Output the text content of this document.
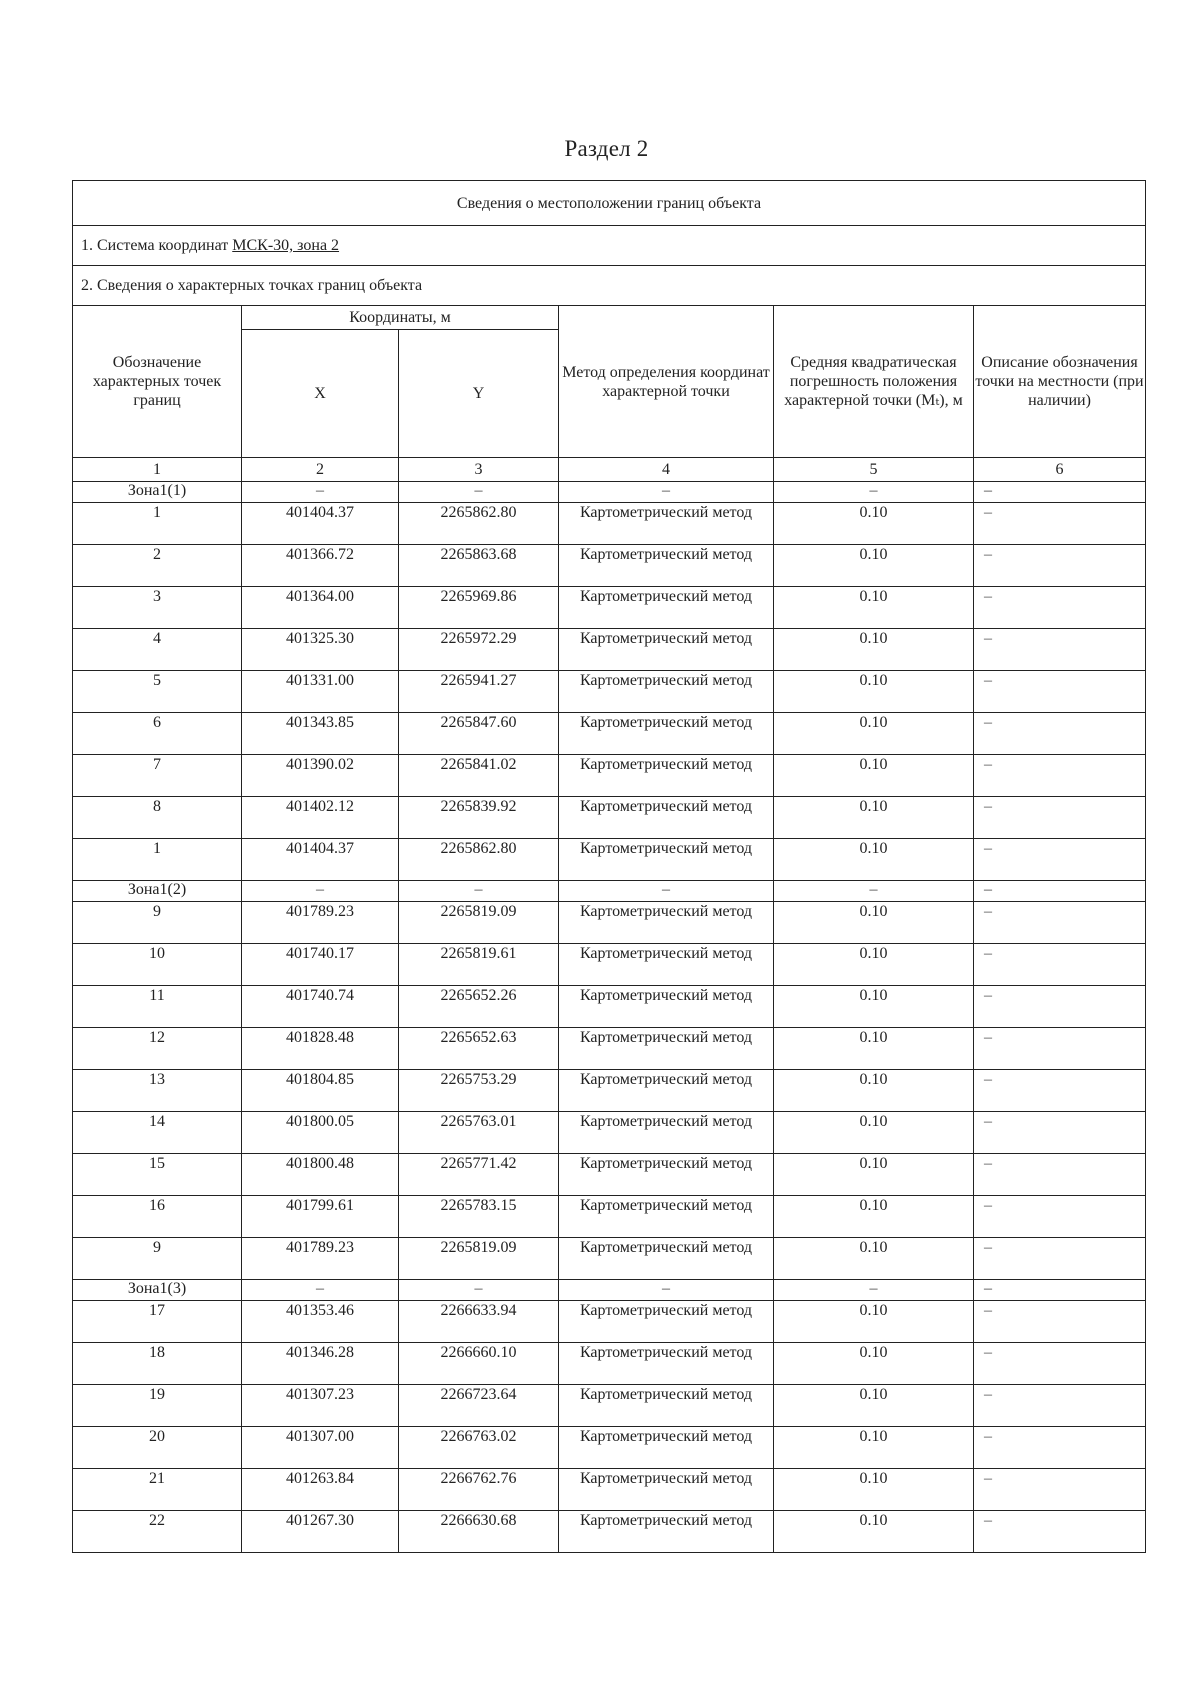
Раздел 2
Сведения о местоположении границ объекта					
1. Система координат МСК-30, зона 2					
2. Сведения о характерных точках границ объекта					
Обозначение характерных точек границ	Координаты, м		Метод определения координат характерной точки	Средняя квадратическая погрешность положения характерной точки (Mₜ), м	Описание обозначения точки на местности (при наличии)
	X	Y			
1	2	3	4	5	6
Зона1(1)	–	–	–	–	–
1	401404.37	2265862.80	Картометрический метод	0.10	–
2	401366.72	2265863.68	Картометрический метод	0.10	–
3	401364.00	2265969.86	Картометрический метод	0.10	–
4	401325.30	2265972.29	Картометрический метод	0.10	–
5	401331.00	2265941.27	Картометрический метод	0.10	–
6	401343.85	2265847.60	Картометрический метод	0.10	–
7	401390.02	2265841.02	Картометрический метод	0.10	–
8	401402.12	2265839.92	Картометрический метод	0.10	–
1	401404.37	2265862.80	Картометрический метод	0.10	–
Зона1(2)	–	–	–	–	–
9	401789.23	2265819.09	Картометрический метод	0.10	–
10	401740.17	2265819.61	Картометрический метод	0.10	–
11	401740.74	2265652.26	Картометрический метод	0.10	–
12	401828.48	2265652.63	Картометрический метод	0.10	–
13	401804.85	2265753.29	Картометрический метод	0.10	–
14	401800.05	2265763.01	Картометрический метод	0.10	–
15	401800.48	2265771.42	Картометрический метод	0.10	–
16	401799.61	2265783.15	Картометрический метод	0.10	–
9	401789.23	2265819.09	Картометрический метод	0.10	–
Зона1(3)	–	–	–	–	–
17	401353.46	2266633.94	Картометрический метод	0.10	–
18	401346.28	2266660.10	Картометрический метод	0.10	–
19	401307.23	2266723.64	Картометрический метод	0.10	–
20	401307.00	2266763.02	Картометрический метод	0.10	–
21	401263.84	2266762.76	Картометрический метод	0.10	–
22	401267.30	2266630.68	Картометрический метод	0.10	–
